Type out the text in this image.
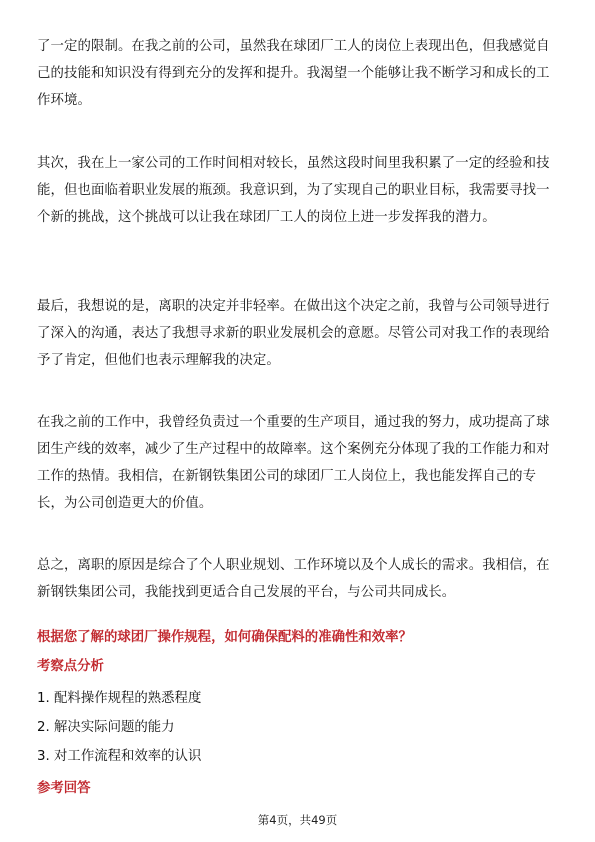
了一定的限制。在我之前的公司，虽然我在球团厂工人的岗位上表现出色，但我感觉自己的技能和知识没有得到充分的发挥和提升。我渴望一个能够让我不断学习和成长的工作环境。

其次，我在上一家公司的工作时间相对较长，虽然这段时间里我积累了一定的经验和技能，但也面临着职业发展的瓶颈。我意识到，为了实现自己的职业目标，我需要寻找一个新的挑战，这个挑战可以让我在球团厂工人的岗位上进一步发挥我的潜力。

最后，我想说的是，离职的决定并非轻率。在做出这个决定之前，我曾与公司领导进行了深入的沟通，表达了我想寻求新的职业发展机会的意愿。尽管公司对我工作的表现给予了肯定，但他们也表示理解我的决定。

在我之前的工作中，我曾经负责过一个重要的生产项目，通过我的努力，成功提高了球团生产线的效率，减少了生产过程中的故障率。这个案例充分体现了我的工作能力和对工作的热情。我相信，在新钢铁集团公司的球团厂工人岗位上，我也能发挥自己的专长，为公司创造更大的价值。

总之，离职的原因是综合了个人职业规划、工作环境以及个人成长的需求。我相信，在新钢铁集团公司，我能找到更适合自己发展的平台，与公司共同成长。

根据您了解的球团厂操作规程，如何确保配料的准确性和效率？

考察点分析

1. 配料操作规程的熟悉程度
2. 解决实际问题的能力
3. 对工作流程和效率的认识

参考回答

第4页，共49页
